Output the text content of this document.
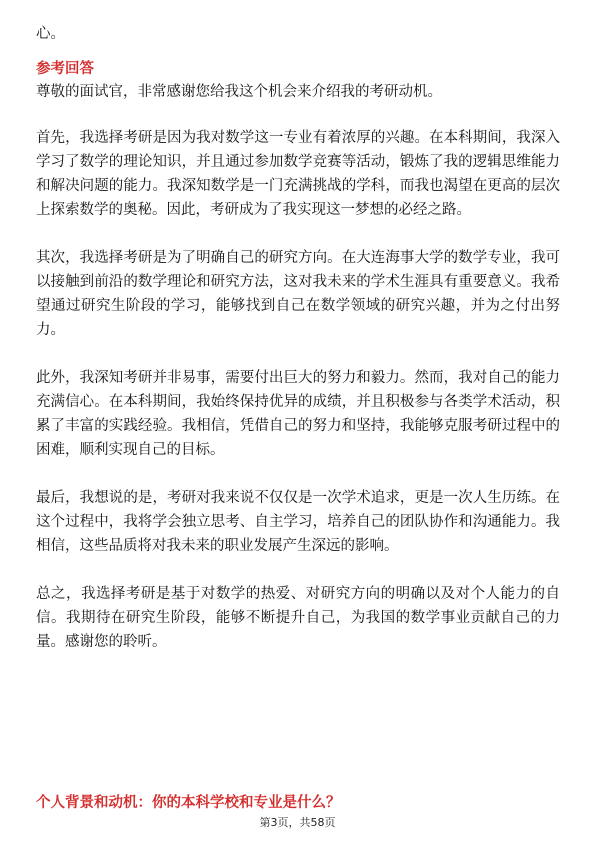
心。

参考回答

尊敬的面试官，非常感谢您给我这个机会来介绍我的考研动机。

首先，我选择考研是因为我对数学这一专业有着浓厚的兴趣。在本科期间，我深入学习了数学的理论知识，并且通过参加数学竞赛等活动，锻炼了我的逻辑思维能力和解决问题的能力。我深知数学是一门充满挑战的学科，而我也渴望在更高的层次上探索数学的奥秘。因此，考研成为了我实现这一梦想的必经之路。

其次，我选择考研是为了明确自己的研究方向。在大连海事大学的数学专业，我可以接触到前沿的数学理论和研究方法，这对我未来的学术生涯具有重要意义。我希望通过研究生阶段的学习，能够找到自己在数学领域的研究兴趣，并为之付出努力。

此外，我深知考研并非易事，需要付出巨大的努力和毅力。然而，我对自己的能力充满信心。在本科期间，我始终保持优异的成绩，并且积极参与各类学术活动，积累了丰富的实践经验。我相信，凭借自己的努力和坚持，我能够克服考研过程中的困难，顺利实现自己的目标。

最后，我想说的是，考研对我来说不仅仅是一次学术追求，更是一次人生历练。在这个过程中，我将学会独立思考、自主学习，培养自己的团队协作和沟通能力。我相信，这些品质将对我未来的职业发展产生深远的影响。

总之，我选择考研是基于对数学的热爱、对研究方向的明确以及对个人能力的自信。我期待在研究生阶段，能够不断提升自己，为我国的数学事业贡献自己的力量。感谢您的聆听。

个人背景和动机：你的本科学校和专业是什么？

第3页，共58页
